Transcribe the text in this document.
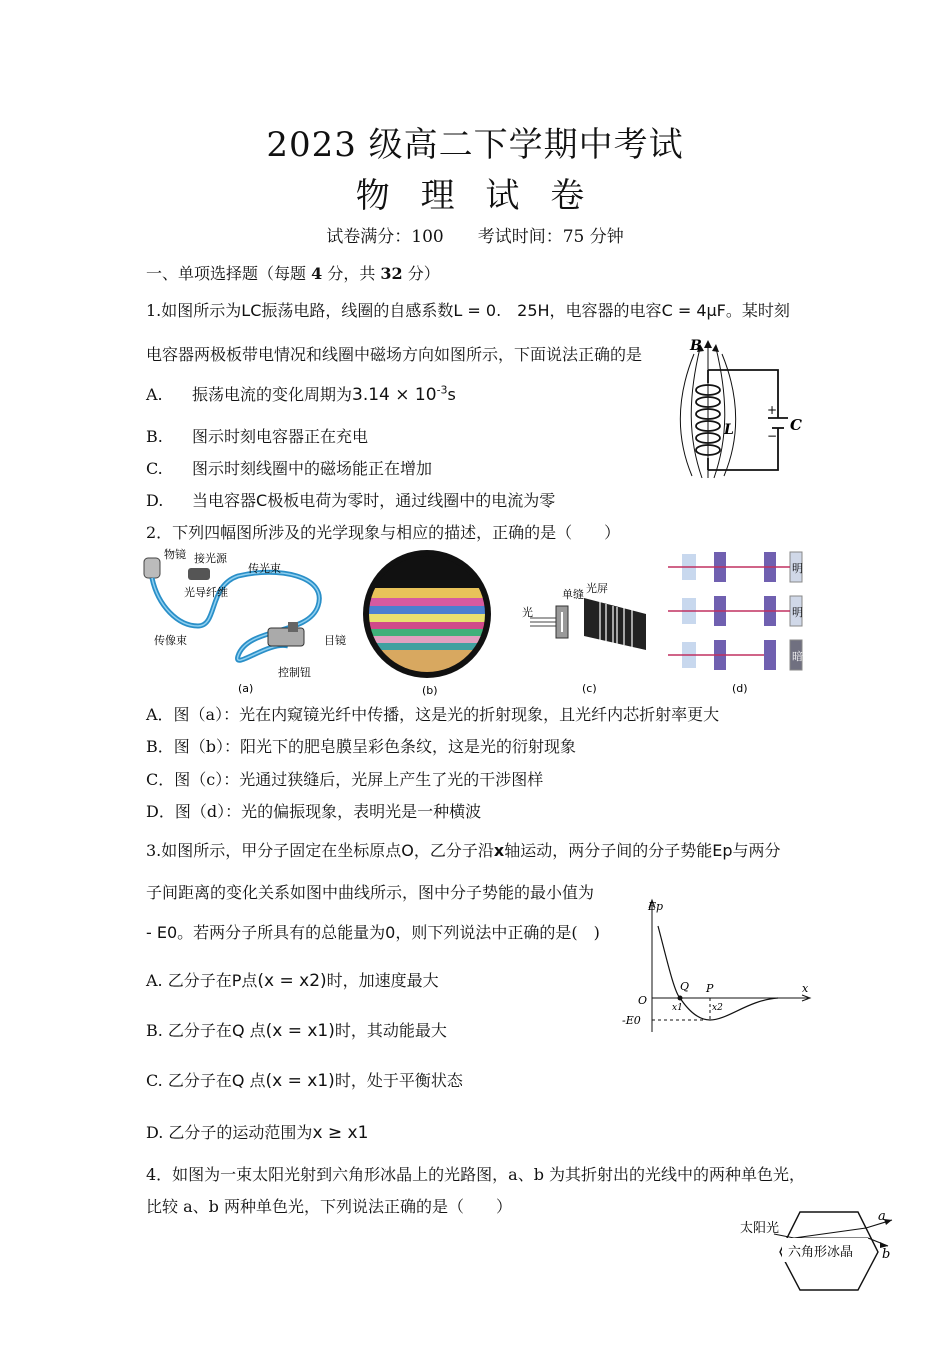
2023 级高二下学期中考试
物 理 试 卷
试卷满分：100　　考试时间：75 分钟
一、单项选择题（每题 4 分，共 32 分）
1.如图所示为LC振荡电路，线圈的自感系数L = 0.　25H，电容器的电容C = 4μF。某时刻
电容器两极板带电情况和线圈中磁场方向如图所示，下面说法正确的是
A. 振荡电流的变化周期为$3.14 \times 10^{-3}s$
B. 图示时刻电容器正在充电
C. 图示时刻线圈中的磁场能正在增加
D. 当电容器C极板电荷为零时，通过线圈中的电流为零
B
L	C
+
−
2．下列四幅图所涉及的光学现象与相应的描述，正确的是（　　）
物镜 接光源
传光束
光导纤维
传像束	目镜
控制钮
(a)	(b)
单缝 光屏
光
(c)
明
明
暗
(d)
A．图（a）：光在内窥镜光纤中传播，这是光的折射现象，且光纤内芯折射率更大
B．图（b）：阳光下的肥皂膜呈彩色条纹，这是光的衍射现象
C．图（c）：光通过狭缝后，光屏上产生了光的干涉图样
D．图（d）：光的偏振现象，表明光是一种横波
3.如图所示，甲分子固定在坐标原点O，乙分子沿x轴运动，两分子间的分子势能Ep与两分
子间距离的变化关系如图中曲线所示，图中分子势能的最小值为
- E0。若两分子所具有的总能量为0，则下列说法中正确的是(　)
A. 乙分子在P点(x = x2)时，加速度最大
B. 乙分子在Q 点(x = x1)时，其动能最大
C. 乙分子在Q 点(x = x1)时，处于平衡状态
D. 乙分子的运动范围为x ≥ x1
Ep
O
Q P
x1	x2
x
-E0
4．如图为一束太阳光射到六角形冰晶上的光路图，a、b 为其折射出的光线中的两种单色光，
比较 a、b 两种单色光，下列说法正确的是（　　）
太阳光
六角形冰晶
a
b
